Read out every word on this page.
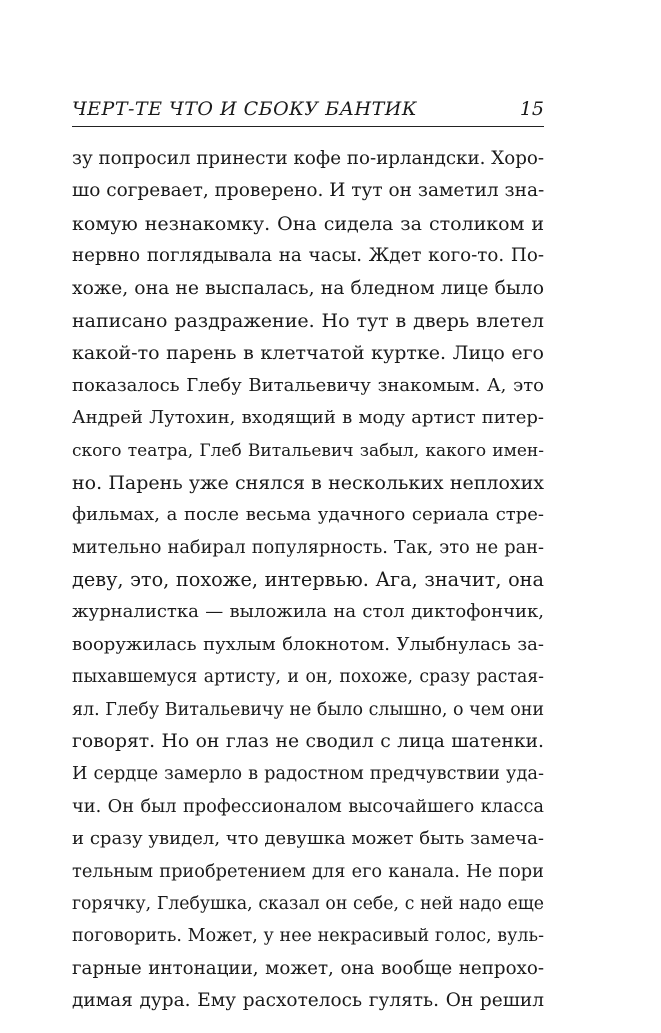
ЧЕРТ-ТЕ ЧТО И СБОКУ БАНТИК	15
зу попросил принести кофе по-ирландски. Хоро-
шо согревает, проверено. И тут он заметил зна-
комую незнакомку. Она сидела за столиком и
нервно поглядывала на часы. Ждет кого-то. По-
хоже, она не выспалась, на бледном лице было
написано раздражение. Но тут в дверь влетел
какой-то парень в клетчатой куртке. Лицо его
показалось Глебу Витальевичу знакомым. А, это
Андрей Лутохин, входящий в моду артист питер-
ского театра, Глеб Витальевич забыл, какого имен-
но. Парень уже снялся в нескольких неплохих
фильмах, а после весьма удачного сериала стре-
мительно набирал популярность. Так, это не ран-
деву, это, похоже, интервью. Ага, значит, она
журналистка — выложила на стол диктофончик,
вооружилась пухлым блокнотом. Улыбнулась за-
пыхавшемуся артисту, и он, похоже, сразу растая-
ял. Глебу Витальевичу не было слышно, о чем они
говорят. Но он глаз не сводил с лица шатенки.
И сердце замерло в радостном предчувствии уда-
чи. Он был профессионалом высочайшего класса
и сразу увидел, что девушка может быть замеча-
тельным приобретением для его канала. Не пори
горячку, Глебушка, сказал он себе, с ней надо еще
поговорить. Может, у нее некрасивый голос, вуль-
гарные интонации, может, она вообще непрохо-
димая дура. Ему расхотелось гулять. Он решил
